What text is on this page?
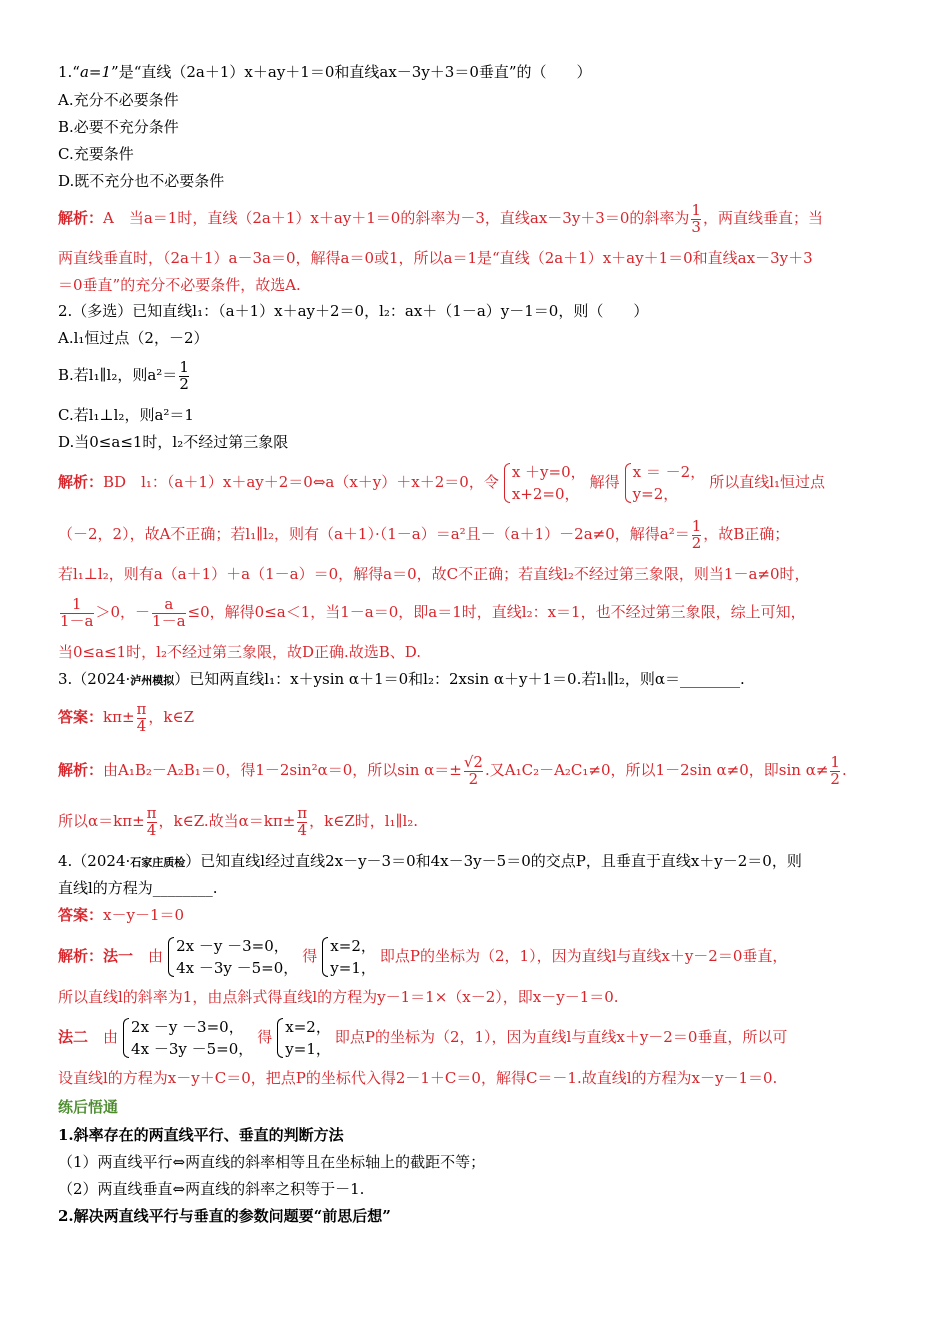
1.“a=1”是“直线（2a＋1）x＋ay＋1＝0和直线ax－3y＋3＝0垂直”的（　　）
A.充分不必要条件
B.必要不充分条件
C.充要条件
D.既不充分也不必要条件
解析：A　当a＝1时，直线（2a＋1）x＋ay＋1＝0的斜率为－3，直线ax－3y＋3＝0的斜率为 $\frac{1}{3}$ ，两直线垂直；当
两直线垂直时，（2a＋1）a－3a＝0，解得a＝0或1，所以a＝1是“直线（2a＋1）x＋ay＋1＝0和直线ax－3y＋3
＝0垂直”的充分不必要条件，故选A.
2.（多选）已知直线l₁：（a＋1）x＋ay＋2＝0，l₂：ax＋（1－a）y－1＝0，则（　　）
A.l₁恒过点（2，－2）
B.若l₁∥l₂，则$a^2= \frac{1}{2}$
C.若l₁⊥l₂，则a²＝1
D.当0≤a≤1时，l₂不经过第三象限
解析：BD　l₁：（a＋1）x＋ay＋2＝0⇔a（x＋y）＋x＋2＝0，令
x ＋y=0，
x+2=0，
解得
x ＝ －2，
y=2，
所以直线l₁恒过点
（－2，2），故A不正确；若l₁∥l₂，则有（a＋1）·（1－a）＝a²且－（a＋1）－2a≠0，解得$a^2= \frac{1}{2}$ ，故B正确；
若l₁⊥l₂，则有a（a＋1）＋a（1－a）＝0，解得a＝0，故C不正确；若直线l₂不经过第三象限，则当1－a≠0时，
$\frac{1}{1-a} >0$，－ $\frac{a}{1-a} \le 0$，解得0≤a＜1，当1－a＝0，即a＝1时，直线l₂：x＝1，也不经过第三象限，综上可知，
当0≤a≤1时，l₂不经过第三象限，故D正确.故选B、D.
3.（2024·泸州模拟）已知两直线l₁：x＋ysin α＋1＝0和l₂：2xsin α＋y＋1＝0.若l₁∥l₂，则α＝________.
答案：$k\pi\pm \frac{\pi}{4}$ ，k∈Z
解析：由A₁B₂－A₂B₁＝0，得1－2sin²α＝0，所以$\sin \alpha=\pm \frac{√2}{2}$ .又A₁C₂－A₂C₁≠0，所以1－2sin α≠0，即$\sin \alpha\ne \frac{1}{2}$ .
所以$\alpha=k\pi\pm \frac{\pi}{4}$ ，k∈Z.故当$\alpha=k\pi\pm \frac{\pi}{4}$ ，k∈Z时，l₁∥l₂.
4.（2024·石家庄质检）已知直线l经过直线2x－y－3＝0和4x－3y－5＝0的交点P，且垂直于直线x＋y－2＝0，则
直线l的方程为________.
答案：x－y－1＝0
解析：法一　 由
2x －y －3=0，
4x －3y －5=0，
得
x=2，
y=1，
即点P的坐标为（2，1），因为直线l与直线x＋y－2＝0垂直，
所以直线l的斜率为1，由点斜式得直线l的方程为y－1＝1×（x－2），即x－y－1＝0.
法二　 由
2x －y －3=0，
4x －3y －5=0，
得
x=2，
y=1，
即点P的坐标为（2，1），因为直线l与直线x＋y－2＝0垂直，所以可
设直线l的方程为x－y＋C＝0，把点P的坐标代入得2－1＋C＝0，解得C＝－1.故直线l的方程为x－y－1＝0.
练后悟通
1.斜率存在的两直线平行、垂直的判断方法
（1）两直线平行⇔两直线的斜率相等且在坐标轴上的截距不等；
（2）两直线垂直⇔两直线的斜率之积等于－1.
2.解决两直线平行与垂直的参数问题要“前思后想”
